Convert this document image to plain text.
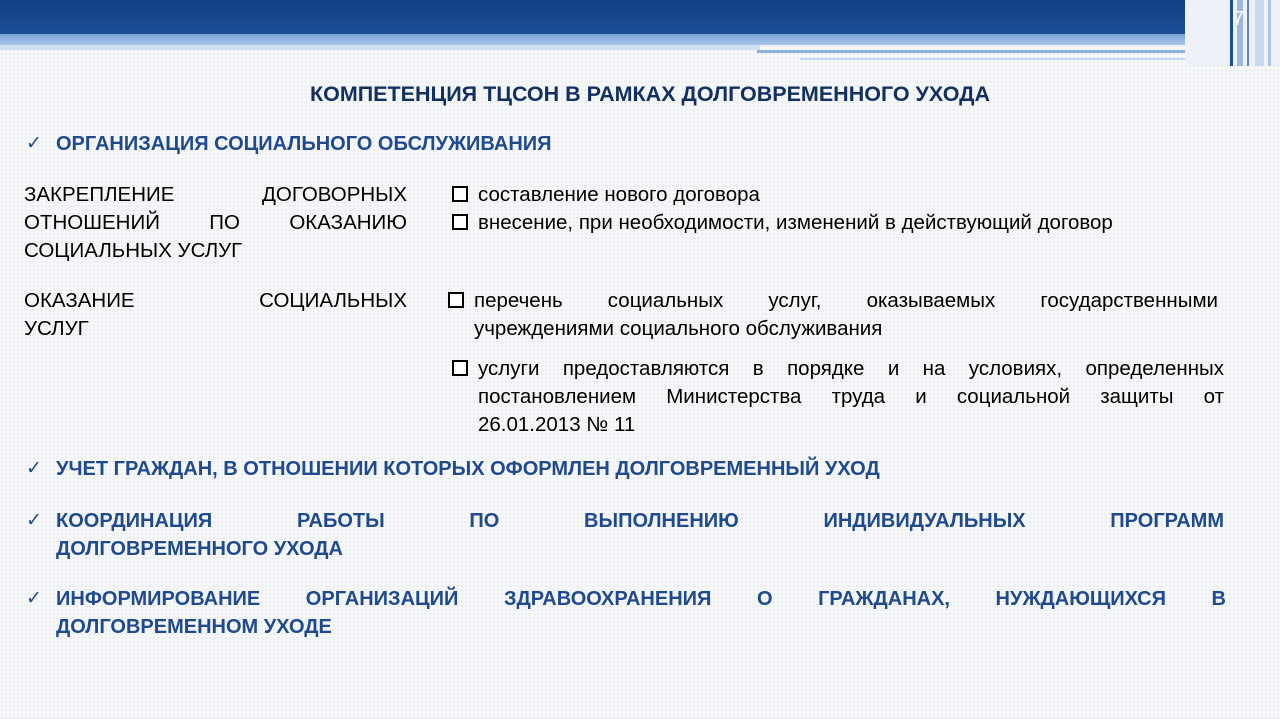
7
КОМПЕТЕНЦИЯ ТЦСОН В РАМКАХ ДОЛГОВРЕМЕННОГО УХОДА
✓ ОРГАНИЗАЦИЯ СОЦИАЛЬНОГО ОБСЛУЖИВАНИЯ
ЗАКРЕПЛЕНИЕ ДОГОВОРНЫХ
ОТНОШЕНИЙ ПО ОКАЗАНИЮ
СОЦИАЛЬНЫХ УСЛУГ
составление нового договора
внесение, при необходимости, изменений в действующий договор
ОКАЗАНИЕ СОЦИАЛЬНЫХ
УСЛУГ
перечень социальных услуг, оказываемых государственными
учреждениями социального обслуживания
услуги предоставляются в порядке и на условиях, определенных
постановлением Министерства труда и социальной защиты от
26.01.2013 № 11
✓ УЧЕТ ГРАЖДАН, В ОТНОШЕНИИ КОТОРЫХ ОФОРМЛЕН ДОЛГОВРЕМЕННЫЙ УХОД
✓ КООРДИНАЦИЯ РАБОТЫ ПО ВЫПОЛНЕНИЮ ИНДИВИДУАЛЬНЫХ ПРОГРАММ
ДОЛГОВРЕМЕННОГО УХОДА
✓ ИНФОРМИРОВАНИЕ ОРГАНИЗАЦИЙ ЗДРАВООХРАНЕНИЯ О ГРАЖДАНАХ, НУЖДАЮЩИХСЯ В
ДОЛГОВРЕМЕННОМ УХОДЕ
